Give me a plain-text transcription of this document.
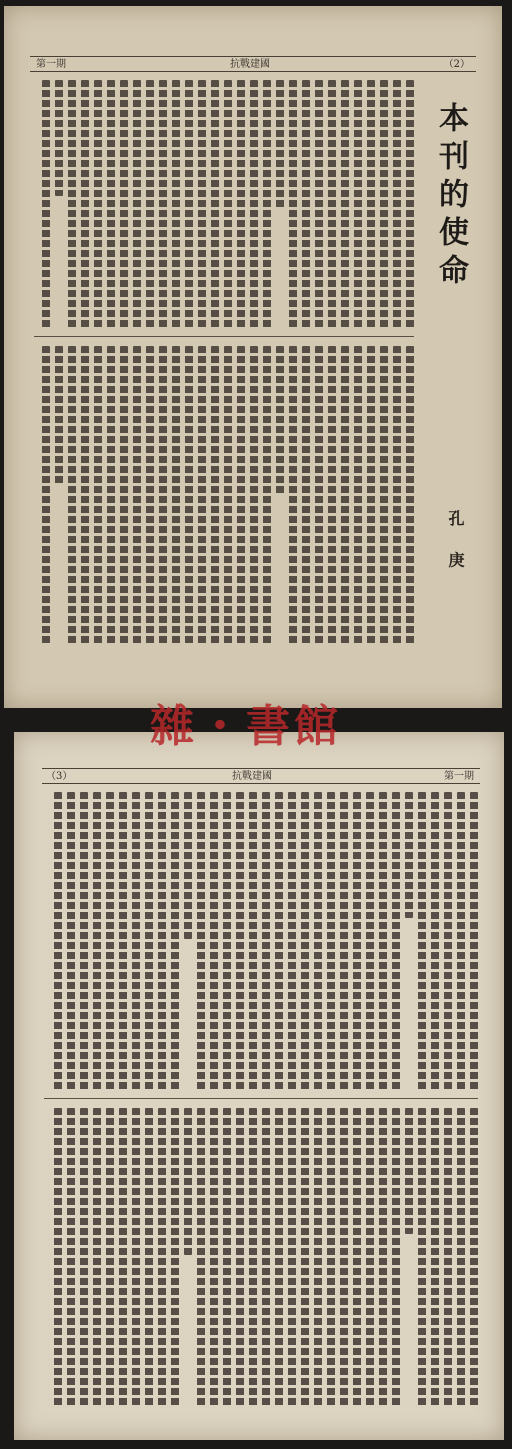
（2）
抗戰建國
第一期
本刊的使命
孔 庚
（3）	抗戰建國	第一期
雜・書館
